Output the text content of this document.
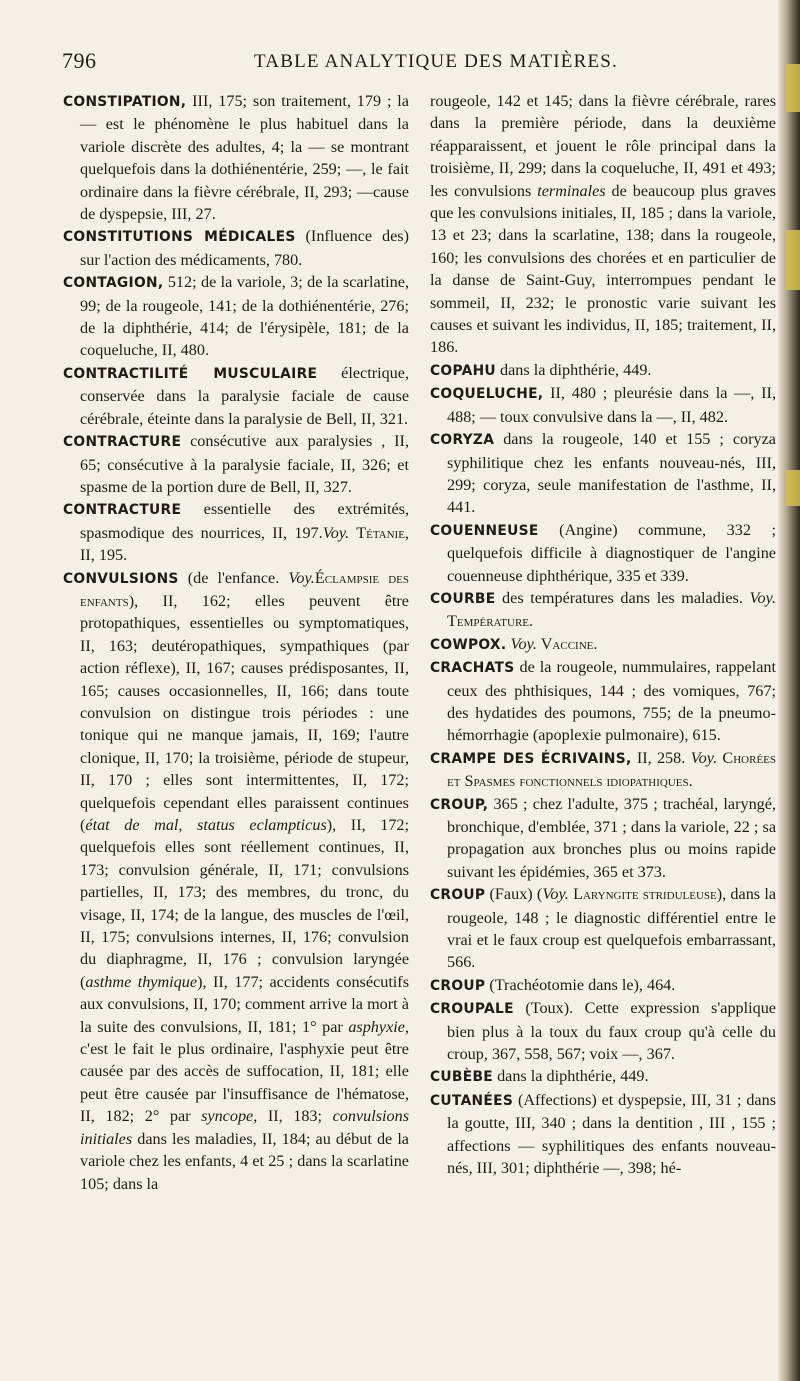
796	TABLE ANALYTIQUE DES MATIÈRES.

CONSTIPATION, III, 175; son traitement, 179 ; la — est le phénomène le plus habituel dans la variole discrète des adultes, 4; la — se montrant quelquefois dans la dothiénentérie, 259; —, le fait ordinaire dans la fièvre cérébrale, II, 293; —cause de dyspepsie, III, 27.

CONSTITUTIONS MÉDICALES (Influence des) sur l'action des médicaments, 780.

CONTAGION, 512; de la variole, 3; de la scarlatine, 99; de la rougeole, 141; de la dothiénentérie, 276; de la diphthérie, 414; de l'érysipèle, 181; de la coqueluche, II, 480.

CONTRACTILITÉ MUSCULAIRE électrique, conservée dans la paralysie faciale de cause cérébrale, éteinte dans la paralysie de Bell, II, 321.

CONTRACTURE consécutive aux paralysies , II, 65; consécutive à la paralysie faciale, II, 326; et spasme de la portion dure de Bell, II, 327.

CONTRACTURE essentielle des extrémités, spasmodique des nourrices, II, 197.Voy. Tétanie, II, 195.

CONVULSIONS (de l'enfance. Voy.Éclampsie des enfants), II, 162; elles peuvent être protopathiques, essentielles ou symptomatiques, II, 163; deutéropathiques, sympathiques (par action réflexe), II, 167; causes prédisposantes, II, 165; causes occasionnelles, II, 166; dans toute convulsion on distingue trois périodes : une tonique qui ne manque jamais, II, 169; l'autre clonique, II, 170; la troisième, période de stupeur, II, 170 ; elles sont intermittentes, II, 172; quelquefois cependant elles paraissent continues (état de mal, status eclampticus), II, 172; quelquefois elles sont réellement continues, II, 173; convulsion générale, II, 171; convulsions partielles, II, 173; des membres, du tronc, du visage, II, 174; de la langue, des muscles de l'œil, II, 175; convulsions internes, II, 176; convulsion du diaphragme, II, 176 ; convulsion laryngée (asthme thymique), II, 177; accidents consécutifs aux convulsions, II, 170; comment arrive la mort à la suite des convulsions, II, 181; 1° par asphyxie, c'est le fait le plus ordinaire, l'asphyxie peut être causée par des accès de suffocation, II, 181; elle peut être causée par l'insuffisance de l'hématose, II, 182; 2° par syncope, II, 183; convulsions initiales dans les maladies, II, 184; au début de la variole chez les enfants, 4 et 25 ; dans la scarlatine 105; dans la

rougeole, 142 et 145; dans la fièvre cérébrale, rares dans la première période, dans la deuxième réapparaissent, et jouent le rôle principal dans la troisième, II, 299; dans la coqueluche, II, 491 et 493; les convulsions terminales de beaucoup plus graves que les convulsions initiales, II, 185 ; dans la variole, 13 et 23; dans la scarlatine, 138; dans la rougeole, 160; les convulsions des chorées et en particulier de la danse de Saint-Guy, interrompues pendant le sommeil, II, 232; le pronostic varie suivant les causes et suivant les individus, II, 185; traitement, II, 186.

COPAHU dans la diphthérie, 449.

COQUELUCHE, II, 480 ; pleurésie dans la —, II, 488; — toux convulsive dans la —, II, 482.

CORYZA dans la rougeole, 140 et 155 ; coryza syphilitique chez les enfants nouveau-nés, III, 299; coryza, seule manifestation de l'asthme, II, 441.

COUENNEUSE (Angine) commune, 332 ; quelquefois difficile à diagnostiquer de l'angine couenneuse diphthérique, 335 et 339.

COURBE des températures dans les maladies. Voy. Température.

COWPOX. Voy. Vaccine.

CRACHATS de la rougeole, nummulaires, rappelant ceux des phthisiques, 144 ; des vomiques, 767; des hydatides des poumons, 755; de la pneumo-hémorrhagie (apoplexie pulmonaire), 615.

CRAMPE DES ÉCRIVAINS, II, 258. Voy. Chorées et Spasmes fonctionnels idiopathiques.

CROUP, 365 ; chez l'adulte, 375 ; trachéal, laryngé, bronchique, d'emblée, 371 ; dans la variole, 22 ; sa propagation aux bronches plus ou moins rapide suivant les épidémies, 365 et 373.

CROUP (Faux) (Voy. Laryngite striduleuse), dans la rougeole, 148 ; le diagnostic différentiel entre le vrai et le faux croup est quelquefois embarrassant, 566.

CROUP (Trachéotomie dans le), 464.

CROUPALE (Toux). Cette expression s'applique bien plus à la toux du faux croup qu'à celle du croup, 367, 558, 567; voix —, 367.

CUBÈBE dans la diphthérie, 449.

CUTANÉES (Affections) et dyspepsie, III, 31 ; dans la goutte, III, 340 ; dans la dentition , III , 155 ; affections — syphilitiques des enfants nouveau-nés, III, 301; diphthérie —, 398; hé-
